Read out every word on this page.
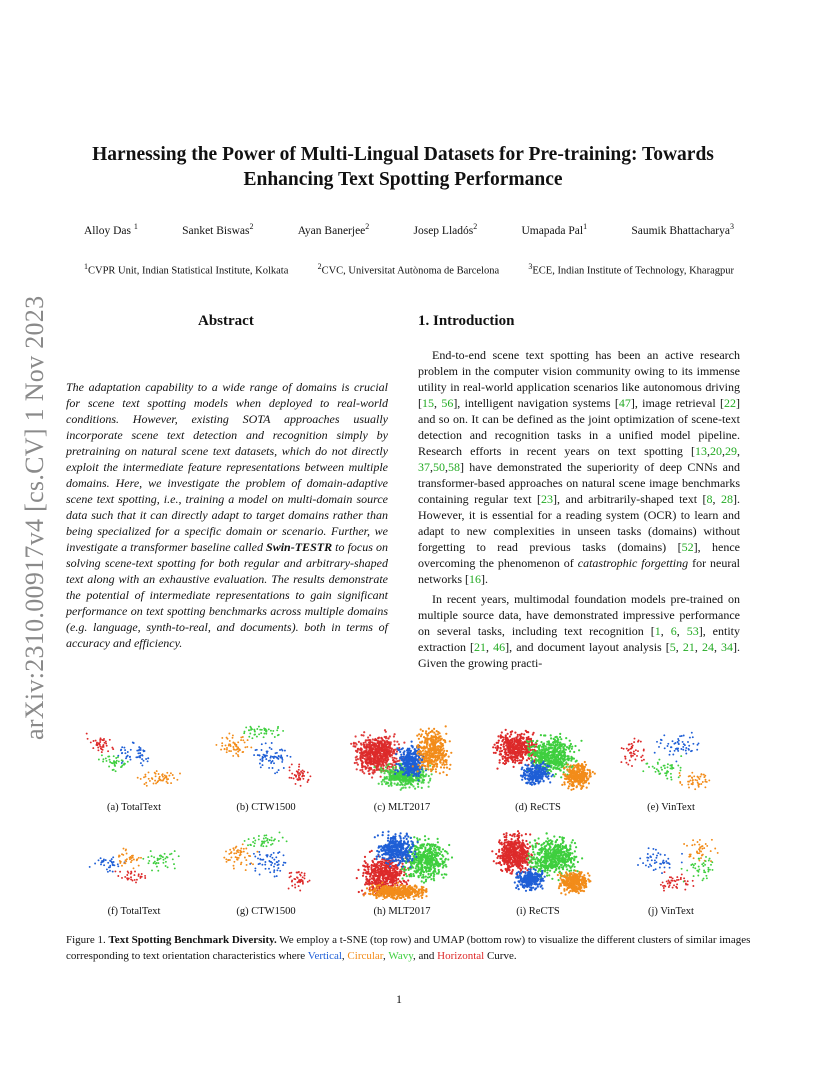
arXiv:2310.00917v4 [cs.CV] 1 Nov 2023
Harnessing the Power of Multi-Lingual Datasets for Pre-training: Towards
Enhancing Text Spotting Performance
Alloy Das $^1$	Sanket Biswas$^2$	Ayan Banerjee$^2$	Josep Lladós$^2$	Umapada Pal$^1$	Saumik Bhattacharya$^3$
$^1$CVPR Unit, Indian Statistical Institute, Kolkata	$^2$CVC, Universitat Autònoma de Barcelona	$^3$ECE, Indian Institute of Technology, Kharagpur
Abstract
The adaptation capability to a wide range of domains is crucial for scene text spotting models when deployed to real-world conditions. However, existing SOTA approaches usually incorporate scene text detection and recognition simply by pretraining on natural scene text datasets, which do not directly exploit the intermediate feature representations between multiple domains. Here, we investigate the problem of domain-adaptive scene text spotting, i.e., training a model on multi-domain source data such that it can directly adapt to target domains rather than being specialized for a specific domain or scenario. Further, we investigate a transformer baseline called Swin-TESTR to focus on solving scene-text spotting for both regular and arbitrary-shaped text along with an exhaustive evaluation. The results demonstrate the potential of intermediate representations to gain significant performance on text spotting benchmarks across multiple domains (e.g. language, synth-to-real, and documents). both in terms of accuracy and efficiency.
1. Introduction

End-to-end scene text spotting has been an active research problem in the computer vision community owing to its immense utility in real-world application scenarios like autonomous driving [15, 56], intelligent navigation systems [47], image retrieval [22] and so on. It can be defined as the joint optimization of scene-text detection and recognition tasks in a unified model pipeline. Research efforts in recent years on text spotting [13,20,29, 37,50,58] have demonstrated the superiority of deep CNNs and transformer-based approaches on natural scene image benchmarks containing regular text [23], and arbitrarily-shaped text [8, 28]. However, it is essential for a reading system (OCR) to learn and adapt to new complexities in unseen tasks (domains) without forgetting to read previous tasks (domains) [52], hence overcoming the phenomenon of catastrophic forgetting for neural networks [16].

In recent years, multimodal foundation models pre-trained on multiple source data, have demonstrated impressive performance on several tasks, including text recognition [1, 6, 53], entity extraction [21, 46], and document layout analysis [5, 21, 24, 34]. Given the growing practi-

(a) TotalText	(b) CTW1500	(c) MLT2017	(d) ReCTS	(e) VinText
(f) TotalText	(g) CTW1500	(h) MLT2017	(i) ReCTS	(j) VinText
Figure 1. Text Spotting Benchmark Diversity. We employ a t-SNE (top row) and UMAP (bottom row) to visualize the different clusters of similar images corresponding to text orientation characteristics where Vertical, Circular, Wavy, and Horizontal Curve.
1
